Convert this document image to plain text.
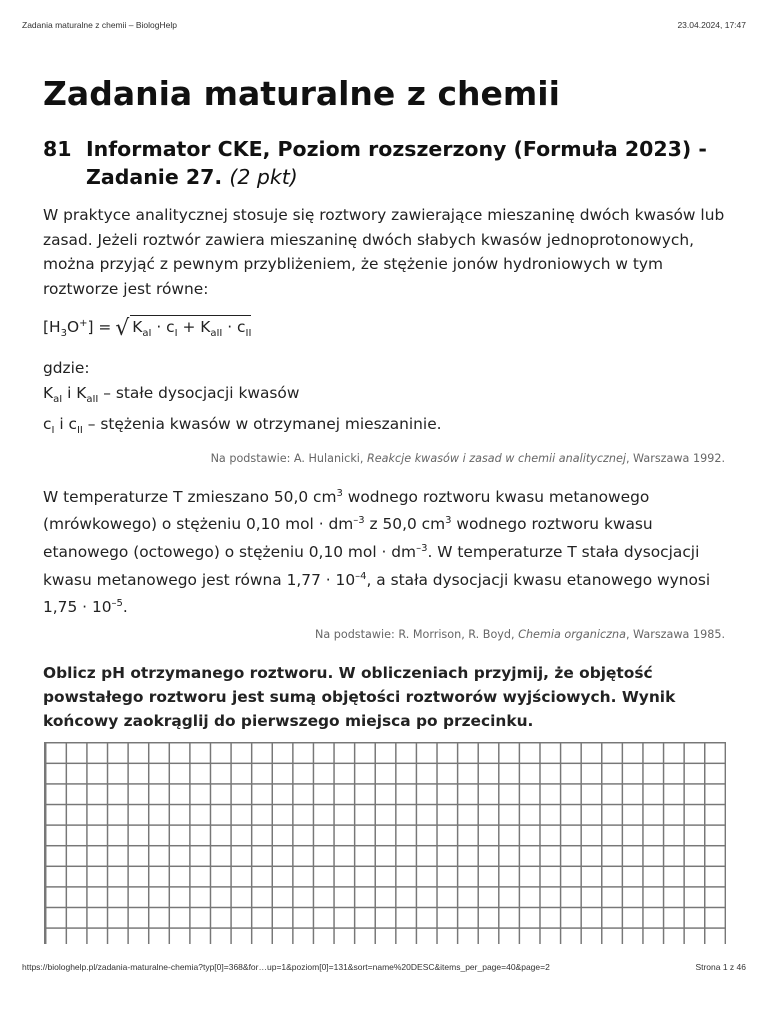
Zadania maturalne z chemii – BiologHelp	23.04.2024, 17:47
Zadania maturalne z chemii
81 Informator CKE, Poziom rozszerzony (Formuła 2023) - Zadanie 27. (2 pkt)

W praktyce analitycznej stosuje się roztwory zawierające mieszaninę dwóch kwasów lub zasad. Jeżeli roztwór zawiera mieszaninę dwóch słabych kwasów jednoprotonowych, można przyjąć z pewnym przybliżeniem, że stężenie jonów hydroniowych w tym roztworze jest równe:

$[H_3O^+]$ = √ $K_{aI} \cdot c_I + K_{aII} \cdot c_{II}$
gdzie:
$K_{aI}$ i $K_{aII}$ – stałe dysocjacji kwasów
$c_I$ i $c_{II}$ – stężenia kwasów w otrzymanej mieszaninie.

Na podstawie: A. Hulanicki, Reakcje kwasów i zasad w chemii analitycznej, Warszawa 1992.

W temperaturze T zmieszano 50,0 $cm^3$ wodnego roztworu kwasu metanowego (mrówkowego) o stężeniu 0,10 mol · $dm^{-3}$ z 50,0 $cm^3$ wodnego roztworu kwasu etanowego (octowego) o stężeniu 0,10 mol · $dm^{-3}$. W temperaturze T stała dysocjacji kwasu metanowego jest równa $1,77 \cdot 10^{-4}$, a stała dysocjacji kwasu etanowego wynosi $1,75 \cdot 10^{-5}$.

Na podstawie: R. Morrison, R. Boyd, Chemia organiczna, Warszawa 1985.

Oblicz pH otrzymanego roztworu. W obliczeniach przyjmij, że objętość powstałego roztworu jest sumą objętości roztworów wyjściowych. Wynik końcowy zaokrąglij do pierwszego miejsca po przecinku.

https://biologhelp.pl/zadania-maturalne-chemia?typ[0]=368&for…up=1&poziom[0]=131&sort=name%20DESC&items_per_page=40&page=2	Strona 1 z 46
